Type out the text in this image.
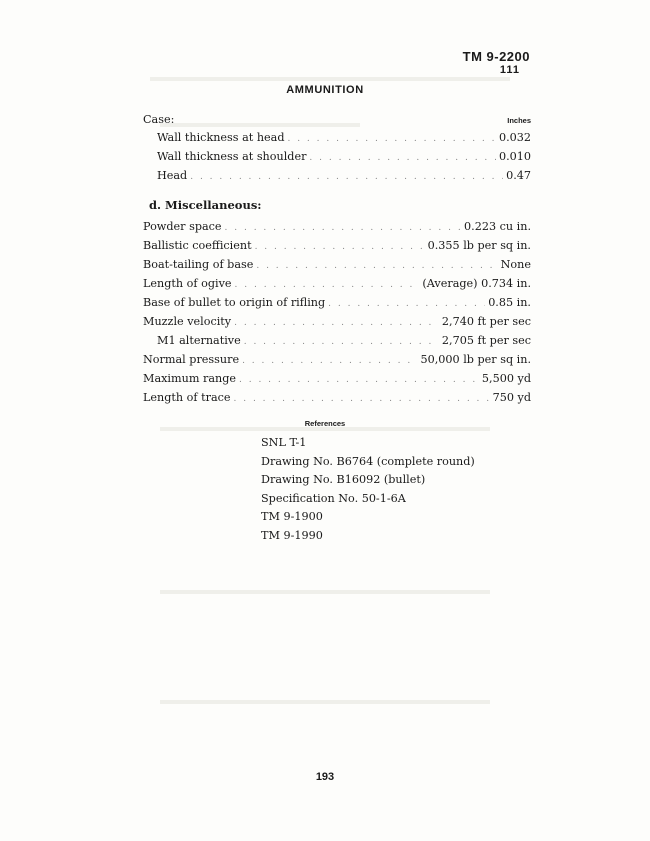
TM 9-2200
111
AMMUNITION
Case:	Inches
Wall thickness at head . . .	0.032
Wall thickness at shoulder . . .	0.010
Head . . .	0.47
d. Miscellaneous:
Powder space . . .	0.223 cu in.
Ballistic coefficient . . .	0.355 lb per sq in.
Boat-tailing of base . . .	None
Length of ogive . . .	(Average) 0.734 in.
Base of bullet to origin of rifling . . .	0.85 in.
Muzzle velocity . . .	2,740 ft per sec
M1 alternative . . .	2,705 ft per sec
Normal pressure . . .	50,000 lb per sq in.
Maximum range . . .	5,500 yd
Length of trace . . .	750 yd
References
SNL T-1
Drawing No. B6764 (complete round)
Drawing No. B16092 (bullet)
Specification No. 50-1-6A
TM 9-1900
TM 9-1990
193
